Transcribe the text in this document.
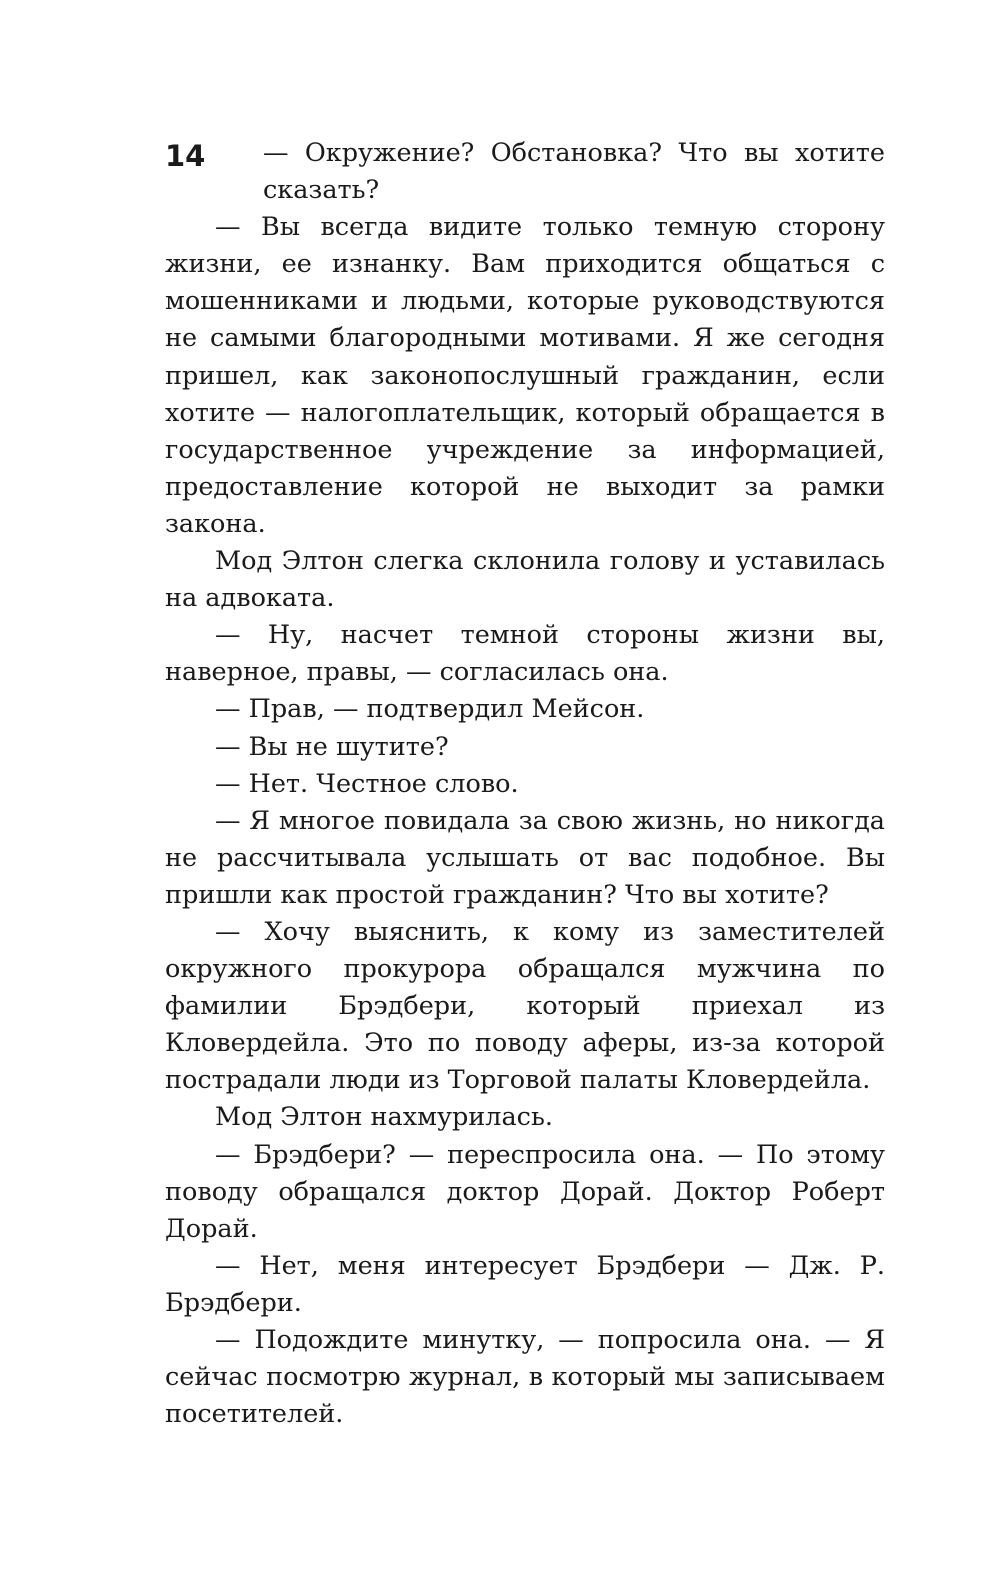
14	— Окружение? Обстановка? Что вы хотите сказать?

— Вы всегда видите только темную сторону жизни, ее изнанку. Вам приходится общаться с мошенниками и людьми, которые руководствуются не самыми благородными мотивами. Я же сегодня пришел, как законопослушный гражданин, если хотите — налогоплательщик, который обращается в государственное учреждение за информацией, предоставление которой не выходит за рамки закона.

Мод Элтон слегка склонила голову и уставилась на адвоката.

— Ну, насчет темной стороны жизни вы, наверное, правы, — согласилась она.

— Прав, — подтвердил Мейсон.

— Вы не шутите?

— Нет. Честное слово.

— Я многое повидала за свою жизнь, но никогда не рассчитывала услышать от вас подобное. Вы пришли как простой гражданин? Что вы хотите?

— Хочу выяснить, к кому из заместителей окружного прокурора обращался мужчина по фамилии Брэдбери, который приехал из Кловердейла. Это по поводу аферы, из-за которой пострадали люди из Торговой палаты Кловердейла.

Мод Элтон нахмурилась.

— Брэдбери? — переспросила она. — По этому поводу обращался доктор Дорай. Доктор Роберт Дорай.

— Нет, меня интересует Брэдбери — Дж. Р. Брэдбери.

— Подождите минутку, — попросила она. — Я сейчас посмотрю журнал, в который мы записываем посетителей.
